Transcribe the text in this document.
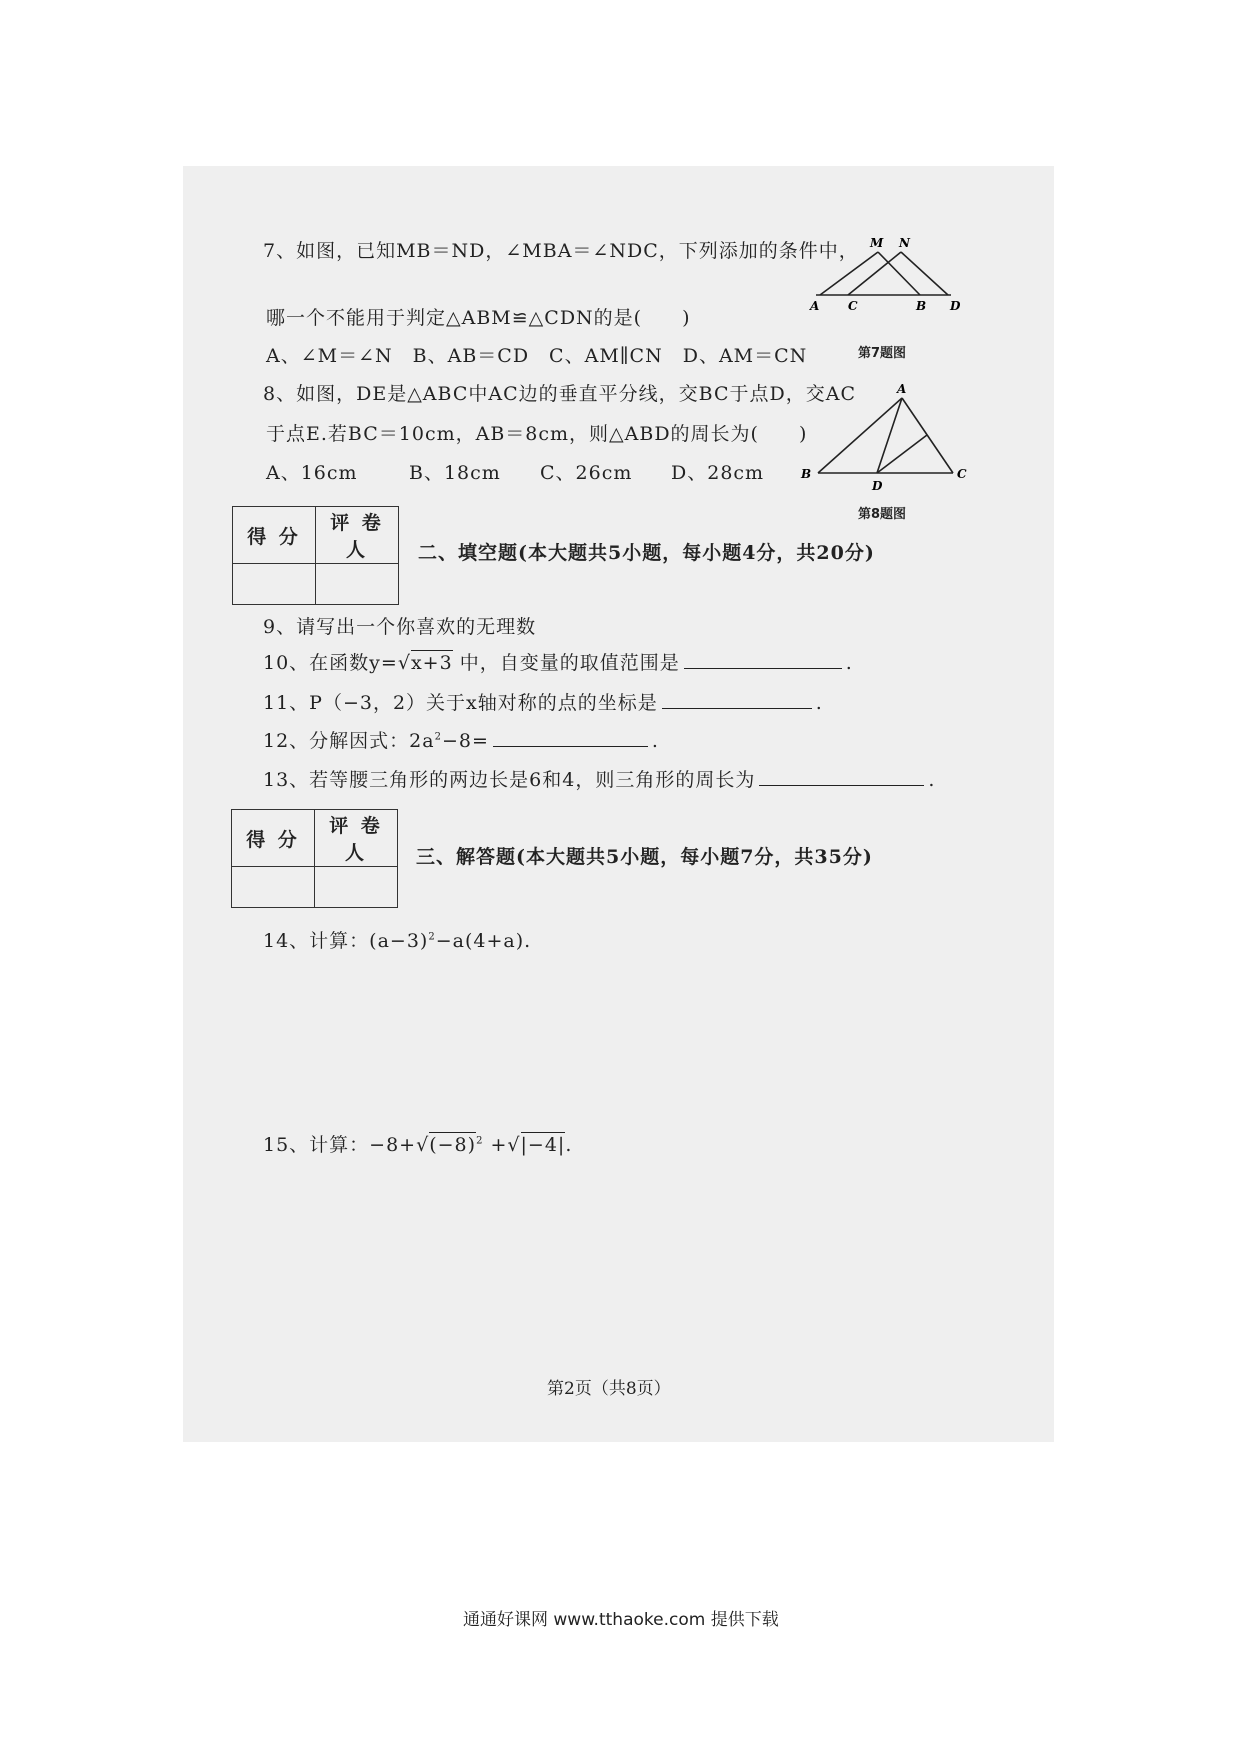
7、如图，已知MB＝ND，∠MBA＝∠NDC，下列添加的条件中，
哪一个不能用于判定△ABM≌△CDN的是(　　)
A、∠M＝∠N　B、AB＝CD　C、AM∥CN　D、AM＝CN
M N
A C	B D
第7题图
8、如图，DE是△ABC中AC边的垂直平分线，交BC于点D，交AC
于点E.若BC＝10cm，AB＝8cm，则△ABD的周长为(　　)
A、16cm	B、18cm C、26cm D、28cm
A
B	C
D
第8题图
得 分	评 卷 人
		二、填空题(本大题共5小题，每小题4分，共20分)
9、请写出一个你喜欢的无理数
10、在函数y=√x+3 中，自变量的取值范围是	.
11、P（−3，2）关于x轴对称的点的坐标是	.
12、分解因式：$2a^2-8=$	.
13、若等腰三角形的两边长是6和4，则三角形的周长为	.
得 分	评 卷 人
		三、解答题(本大题共5小题，每小题7分，共35分)
14、计算：$(a-3)^2-a(4+a)$.
15、计算：$-8+√(-8)^2 +√|-4|$.
第2页（共8页）
通通好课网 www.tthaoke.com 提供下载
